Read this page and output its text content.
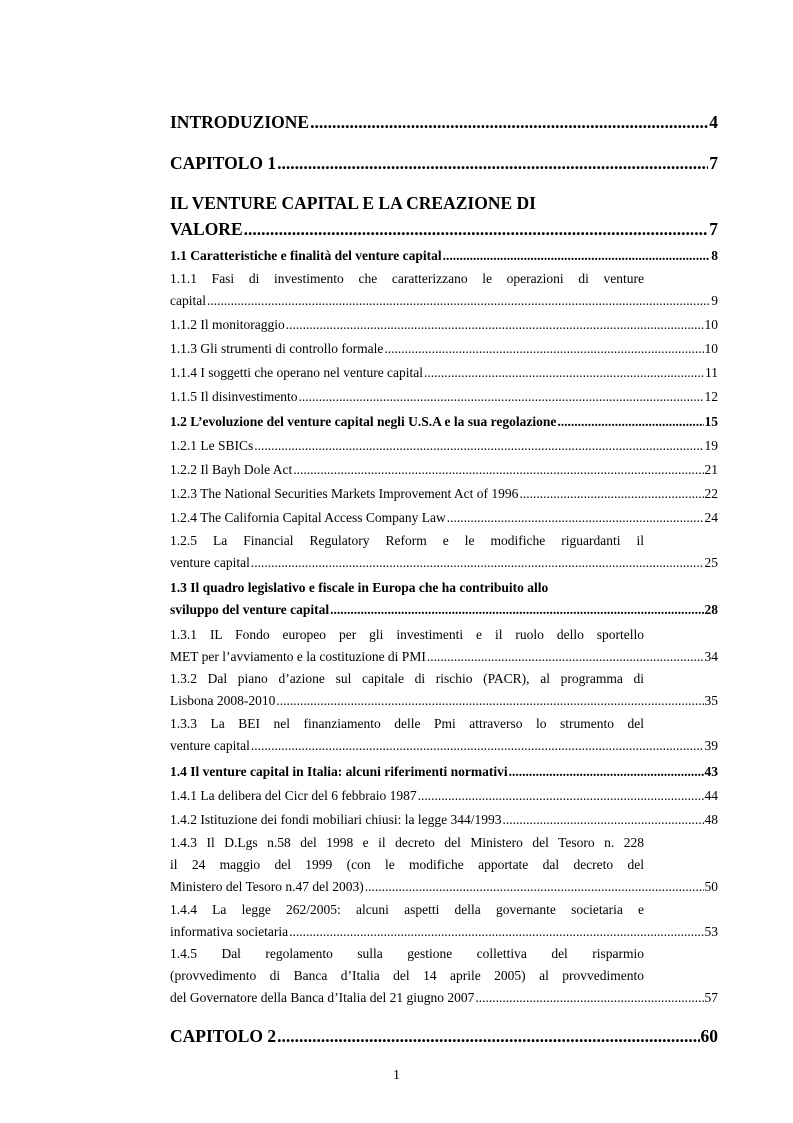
INTRODUZIONE .....	4
CAPITOLO 1 .....	7
IL VENTURE CAPITAL E LA CREAZIONE DI
VALORE .....	7
1.1 Caratteristiche e finalità del venture capital .....	8
1.1.1 Fasi di investimento che caratterizzano le operazioni di venture
capital .....	9
1.1.2 Il monitoraggio .....	10
1.1.3 Gli strumenti di controllo formale .....	10
1.1.4 I soggetti che operano nel venture capital .....	11
1.1.5 Il disinvestimento .....	12
1.2 L’evoluzione del venture capital negli U.S.A e la sua regolazione .....	15
1.2.1 Le SBICs .....	19
1.2.2 Il Bayh Dole Act .....	21
1.2.3 The National Securities Markets Improvement Act of 1996 .....	22
1.2.4 The California Capital Access Company Law .....	24
1.2.5 La Financial Regulatory Reform e le modifiche riguardanti il
venture capital .....	25
1.3 Il quadro legislativo e fiscale in Europa che ha contribuito allo
sviluppo del venture capital .....	28
1.3.1 IL Fondo europeo per gli investimenti e il ruolo dello sportello
MET per l’avviamento e la costituzione di PMI .....	34
1.3.2 Dal piano d’azione sul capitale di rischio (PACR), al programma di
Lisbona 2008-2010 .....	35
1.3.3 La BEI nel finanziamento delle Pmi attraverso lo strumento del
venture capital .....	39
1.4 Il venture capital in Italia: alcuni riferimenti normativi .....	43
1.4.1 La delibera del Cicr del 6 febbraio 1987 .....	44
1.4.2 Istituzione dei fondi mobiliari chiusi: la legge 344/1993 .....	48
1.4.3 Il D.Lgs n.58 del 1998 e il decreto del Ministero del Tesoro n. 228
il 24 maggio del 1999 (con le modifiche apportate dal decreto del
Ministero del Tesoro n.47 del 2003) .....	50
1.4.4 La legge 262/2005: alcuni aspetti della governante societaria e
informativa societaria .....	53
1.4.5 Dal regolamento sulla gestione collettiva del risparmio
(provvedimento di Banca d’Italia del 14 aprile 2005) al provvedimento
del Governatore della Banca d’Italia del 21 giugno 2007 .....	57
CAPITOLO 2 .....	60
1
